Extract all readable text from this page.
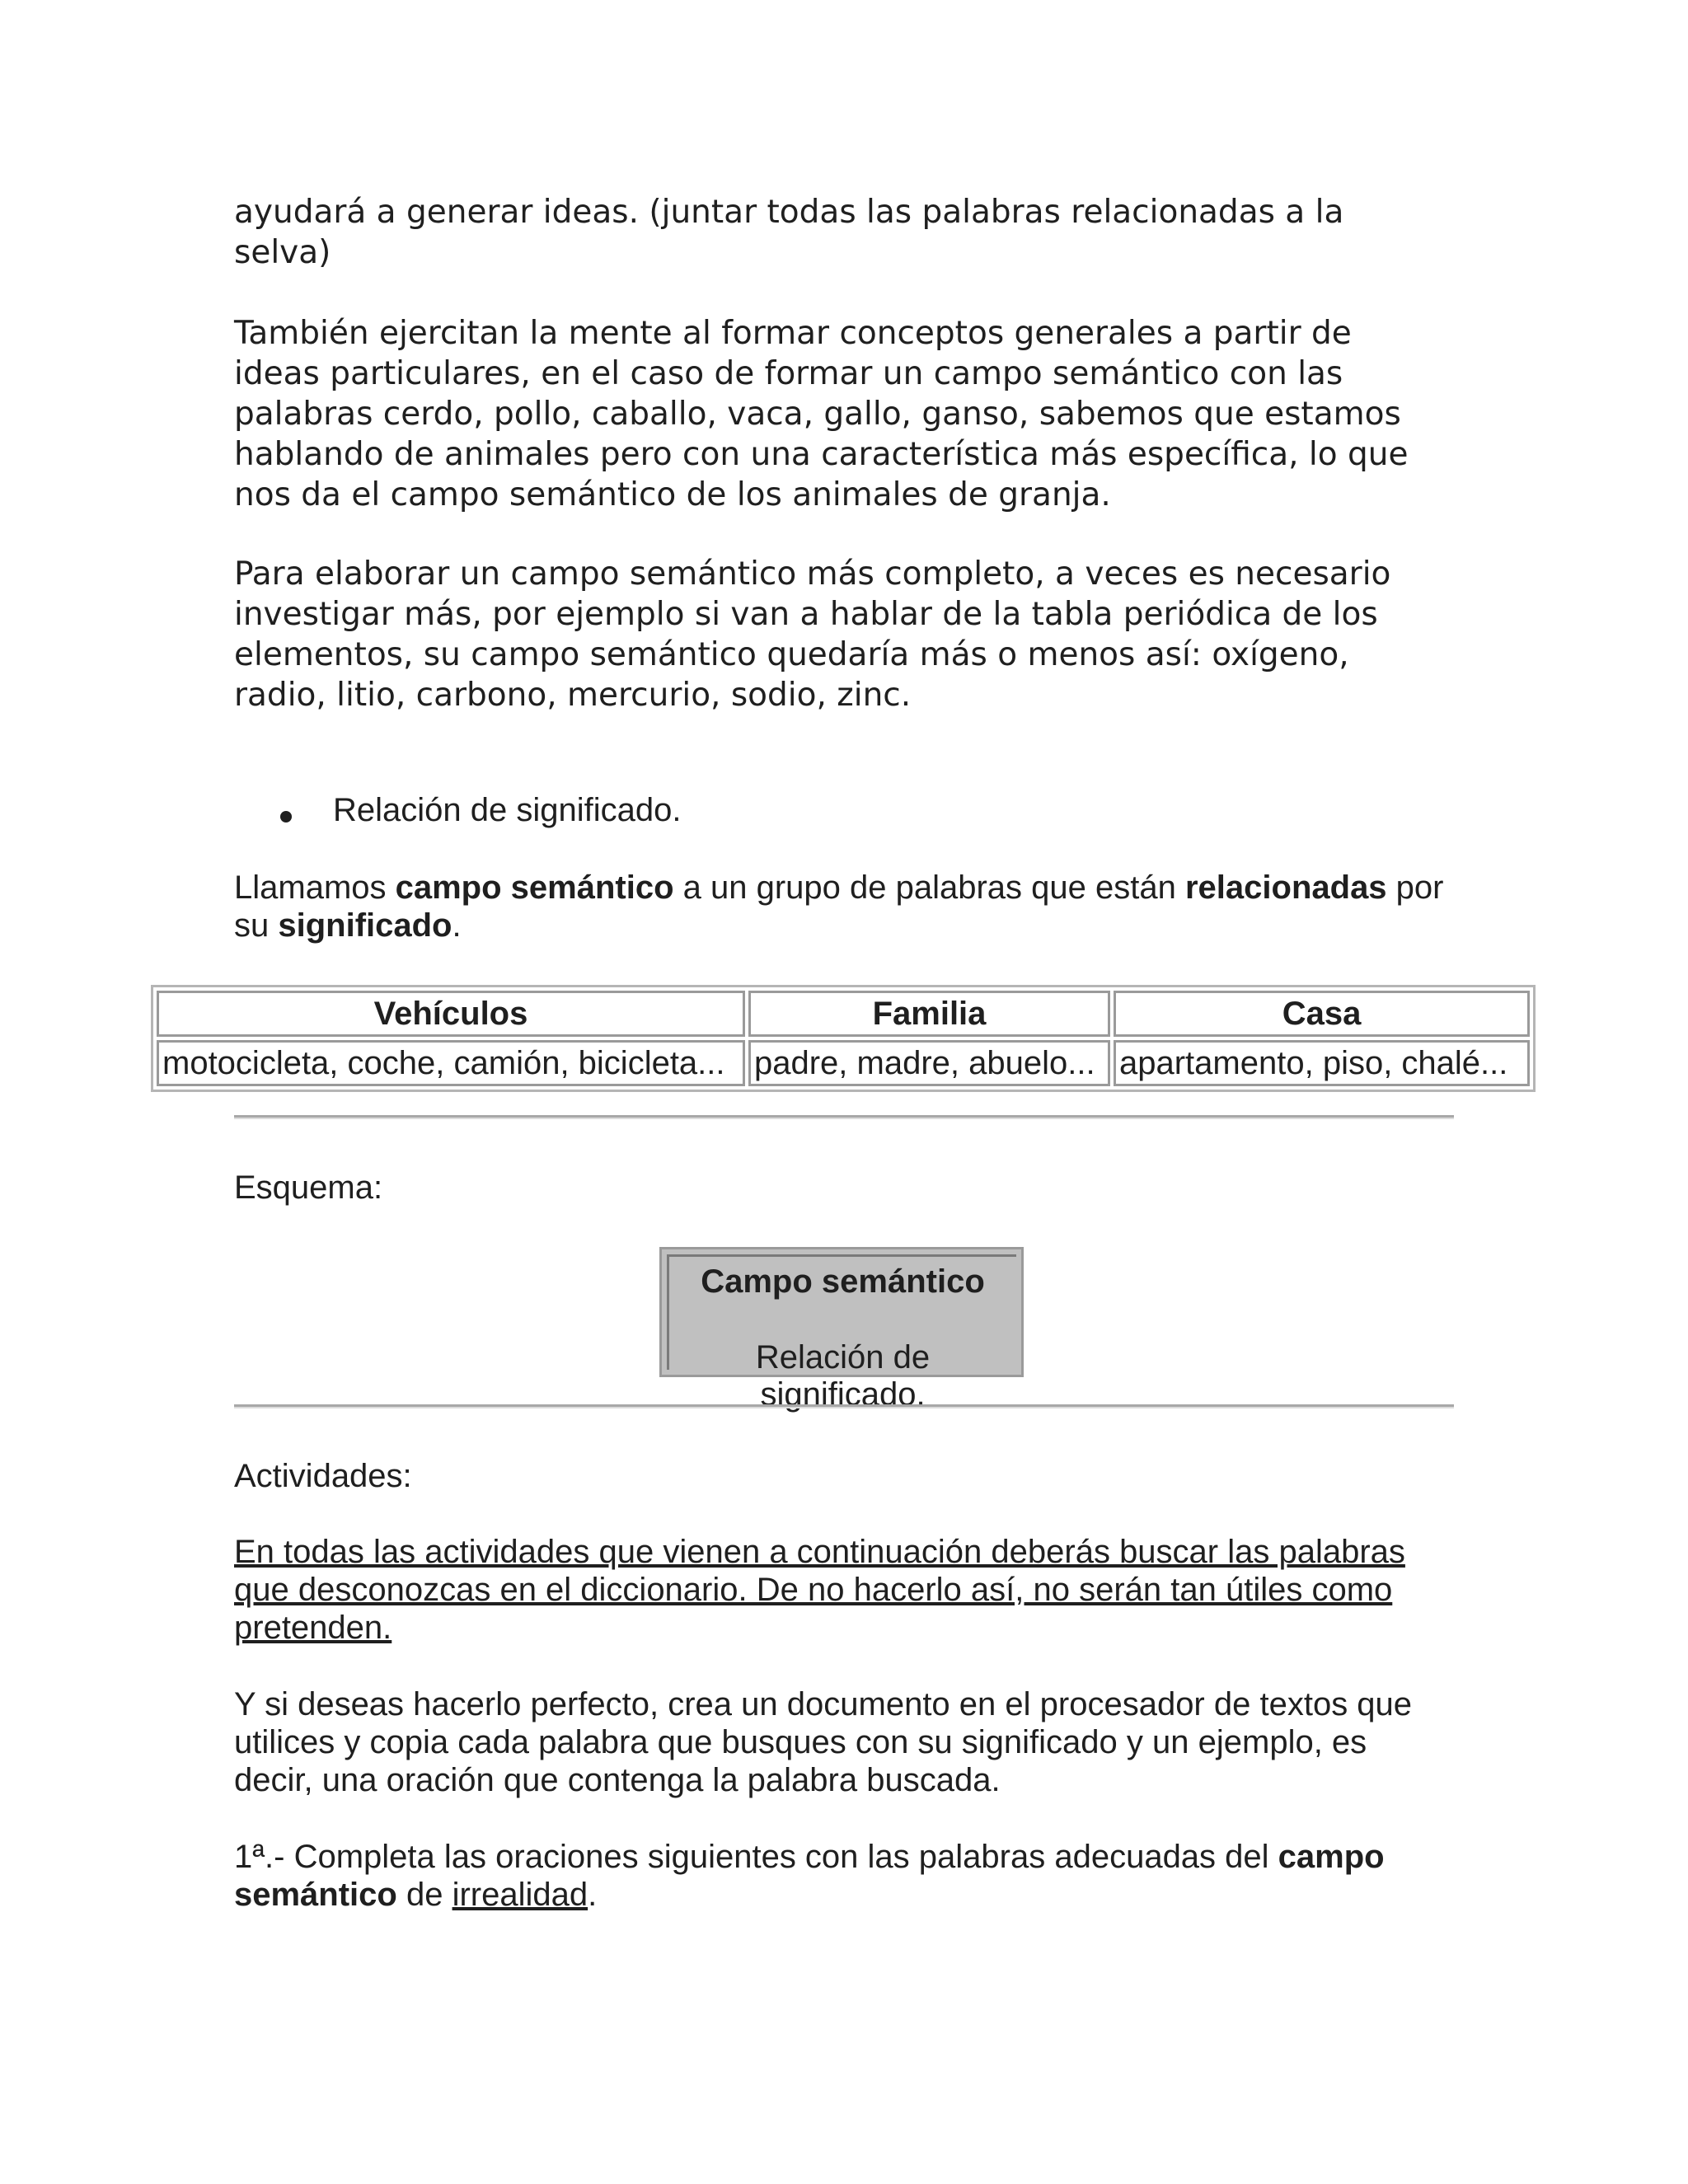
ayudará a generar ideas. (juntar todas las palabras relacionadas a la
selva)
También ejercitan la mente al formar conceptos generales a partir de
ideas particulares, en el caso de formar un campo semántico con las
palabras cerdo, pollo, caballo, vaca, gallo, ganso, sabemos que estamos
hablando de animales pero con una característica más específica, lo que
nos da el campo semántico de los animales de granja.
Para elaborar un campo semántico más completo, a veces es necesario
investigar más, por ejemplo si van a hablar de la tabla periódica de los
elementos, su campo semántico quedaría más o menos así: oxígeno,
radio, litio, carbono, mercurio, sodio, zinc.
Relación de significado.
Llamamos campo semántico a un grupo de palabras que están relacionadas por
su significado.
Vehículos	Familia	Casa
motocicleta, coche, camión, bicicleta...	padre, madre, abuelo...	apartamento, piso, chalé...
Esquema:
Campo semántico
Relación de significado.
Actividades:
En todas las actividades que vienen a continuación deberás buscar las palabras
que desconozcas en el diccionario. De no hacerlo así, no serán tan útiles como
pretenden.
Y si deseas hacerlo perfecto, crea un documento en el procesador de textos que
utilices y copia cada palabra que busques con su significado y un ejemplo, es
decir, una oración que contenga la palabra buscada.
1ª.- Completa las oraciones siguientes con las palabras adecuadas del campo
semántico de irrealidad.
